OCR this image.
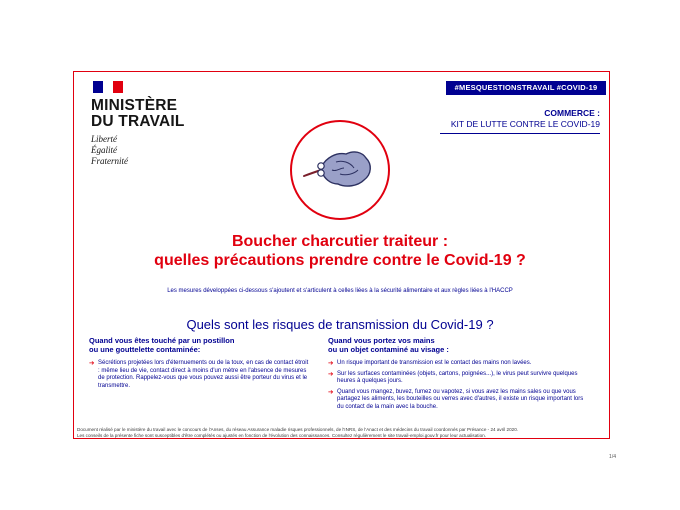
MINISTÈRE
DU TRAVAIL
Liberté
Égalité
Fraternité
#MESQUESTIONSTRAVAIL #COVID-19
COMMERCE :
KIT DE LUTTE CONTRE LE COVID-19
Boucher charcutier traiteur :
quelles précautions prendre contre le Covid-19 ?
Les mesures développées ci-dessous s'ajoutent et s'articulent à celles liées à la sécurité alimentaire et aux règles liées à l'HACCP
Quels sont les risques de transmission du Covid-19 ?
Quand vous êtes touché par un postillon
ou une gouttelette contaminée:
➔ Sécrétions projetées lors d'éternuements ou de la toux, en cas de contact étroit : même lieu de vie, contact direct à moins d'un mètre en l'absence de mesures de protection. Rappelez-vous que vous pouvez aussi être porteur du virus et le transmettre.
Quand vous portez vos mains
ou un objet contaminé au visage :
➔ Un risque important de transmission est le contact des mains non lavées.
➔ Sur les surfaces contaminées (objets, cartons, poignées...), le virus peut survivre quelques heures à quelques jours.
➔ Quand vous mangez, buvez, fumez ou vapotez, si vous avez les mains sales ou que vous partagez les aliments, les bouteilles ou verres avec d'autres, il existe un risque important lors du contact de la main avec la bouche.
Document réalisé par le ministère du travail avec le concours de l'Anses, du réseau Assurance maladie risques professionnels, de l'INRS, de l'Anact et des médecins du travail coordonnés par Présance - 24 avril 2020.
Les conseils de la présente fiche sont susceptibles d'être complétés ou ajustés en fonction de l'évolution des connaissances. Consultez régulièrement le site travail-emploi.gouv.fr pour leur actualisation.
1/4
